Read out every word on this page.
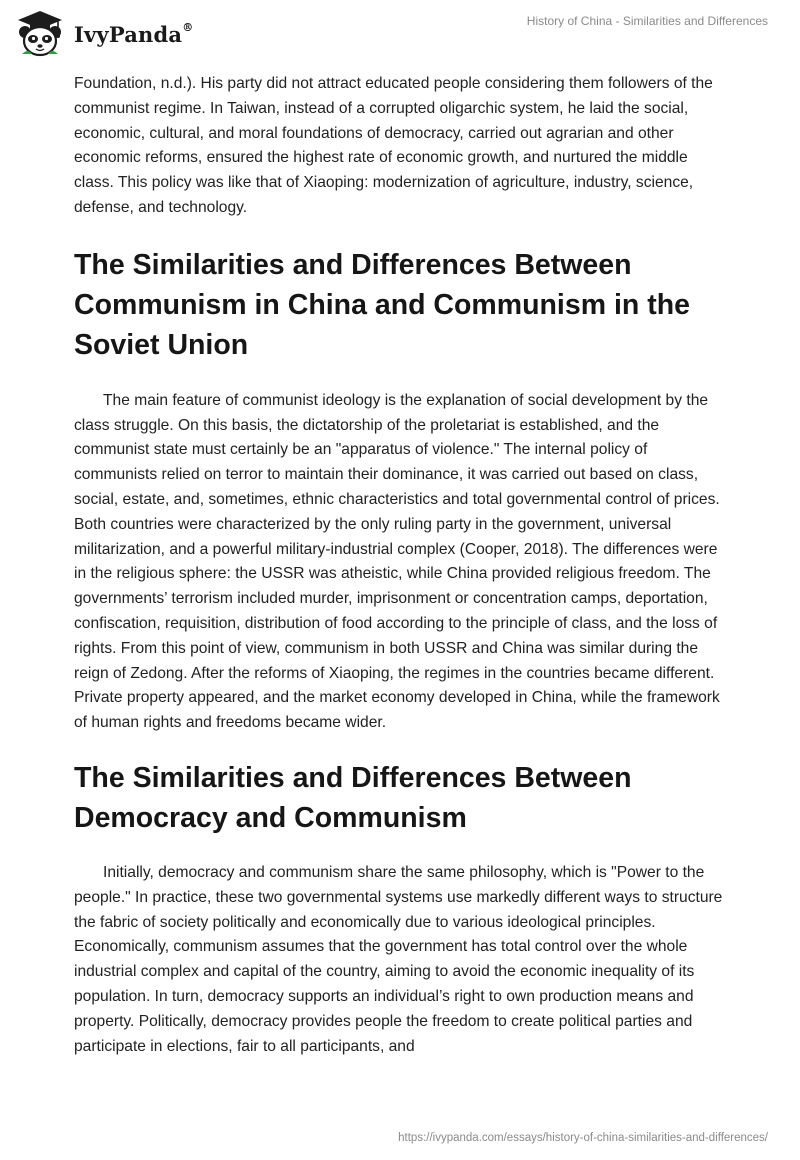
IvyPanda®	History of China - Similarities and Differences

Foundation, n.d.). His party did not attract educated people considering them followers of the communist regime. In Taiwan, instead of a corrupted oligarchic system, he laid the social, economic, cultural, and moral foundations of democracy, carried out agrarian and other economic reforms, ensured the highest rate of economic growth, and nurtured the middle class. This policy was like that of Xiaoping: modernization of agriculture, industry, science, defense, and technology.

The Similarities and Differences Between Communism in China and Communism in the Soviet Union

The main feature of communist ideology is the explanation of social development by the class struggle. On this basis, the dictatorship of the proletariat is established, and the communist state must certainly be an "apparatus of violence." The internal policy of communists relied on terror to maintain their dominance, it was carried out based on class, social, estate, and, sometimes, ethnic characteristics and total governmental control of prices. Both countries were characterized by the only ruling party in the government, universal militarization, and a powerful military-industrial complex (Cooper, 2018). The differences were in the religious sphere: the USSR was atheistic, while China provided religious freedom. The governments’ terrorism included murder, imprisonment or concentration camps, deportation, confiscation, requisition, distribution of food according to the principle of class, and the loss of rights. From this point of view, communism in both USSR and China was similar during the reign of Zedong. After the reforms of Xiaoping, the regimes in the countries became different. Private property appeared, and the market economy developed in China, while the framework of human rights and freedoms became wider.

The Similarities and Differences Between Democracy and Communism

Initially, democracy and communism share the same philosophy, which is "Power to the people." In practice, these two governmental systems use markedly different ways to structure the fabric of society politically and economically due to various ideological principles. Economically, communism assumes that the government has total control over the whole industrial complex and capital of the country, aiming to avoid the economic inequality of its population. In turn, democracy supports an individual’s right to own production means and property. Politically, democracy provides people the freedom to create political parties and participate in elections, fair to all participants, and

https://ivypanda.com/essays/history-of-china-similarities-and-differences/
